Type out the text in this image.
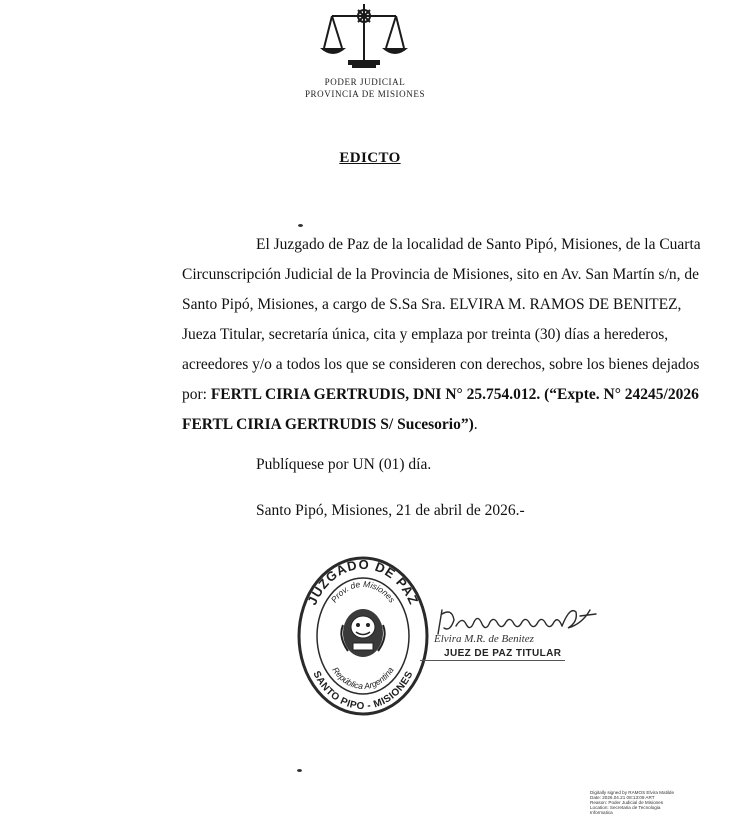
PODER JUDICIAL
PROVINCIA DE MISIONES
EDICTO
El Juzgado de Paz de la localidad de Santo Pipó, Misiones, de la Cuarta
Circunscripción Judicial de la Provincia de Misiones, sito en Av. San Martín s/n, de
Santo Pipó, Misiones, a cargo de S.Sa Sra. ELVIRA M. RAMOS DE BENITEZ,
Jueza Titular, secretaría única, cita y emplaza por treinta (30) días a herederos,
acreedores y/o a todos los que se consideren con derechos, sobre los bienes dejados
por: FERTL CIRIA GERTRUDIS, DNI N° 25.754.012. (“Expte. N° 24245/2026
FERTL CIRIA GERTRUDIS S/ Sucesorio”).
Publíquese por UN (01) día.
Santo Pipó, Misiones, 21 de abril de 2026.-
JUZGADO DE PAZ
Prov. de Misiones
República Argentina
SANTO PIPO - MISIONES
Elvira M.R. de Benitez
JUEZ DE PAZ TITULAR
Digitally signed by RAMOS Elvira Matilde
Date: 2026.04.21 08:13:09 ART
Reason: Poder Judicial de Misiones
Location: Secretaria de Tecnologia
Informatica
